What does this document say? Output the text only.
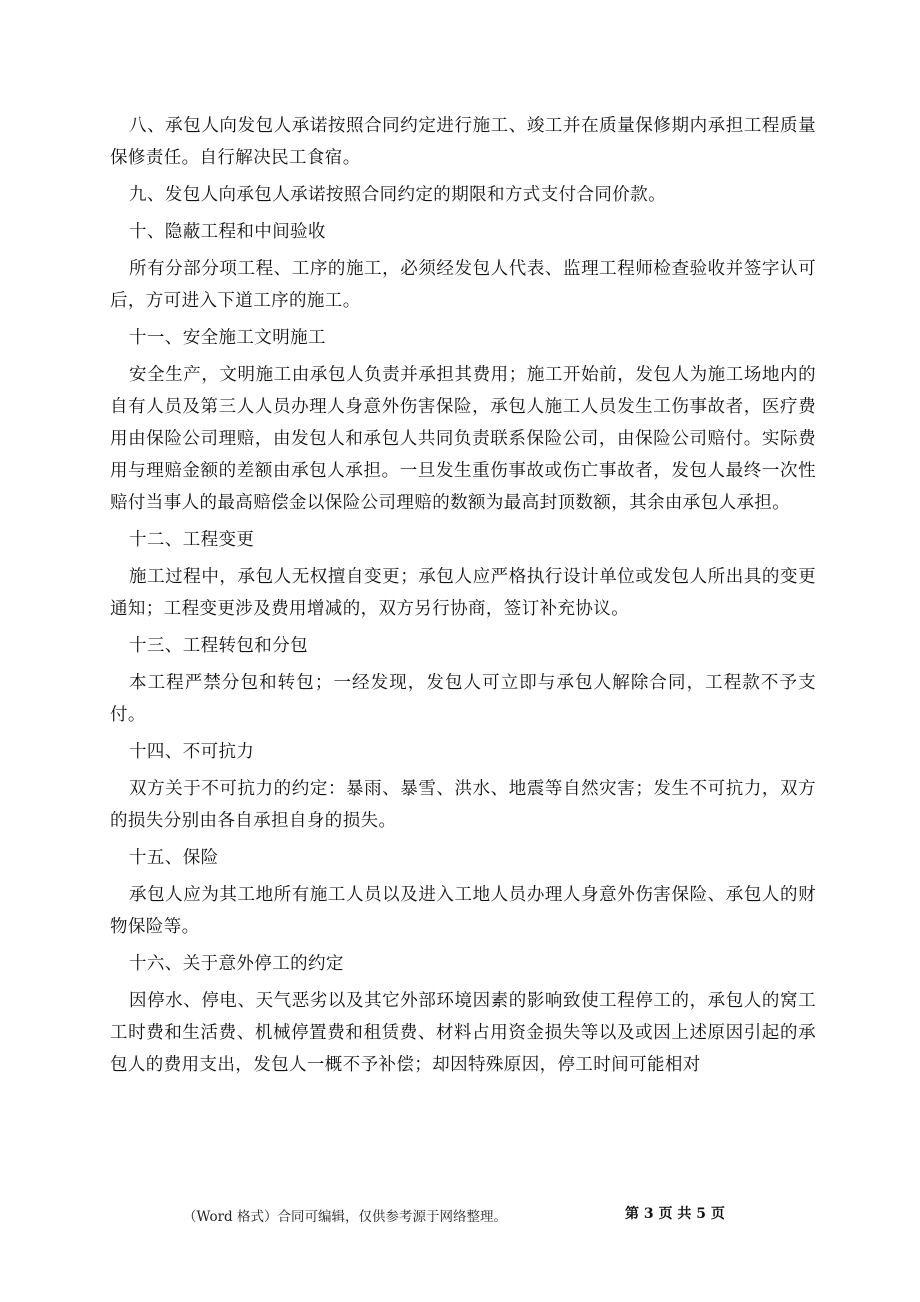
八、承包人向发包人承诺按照合同约定进行施工、竣工并在质量保修期内承担工程质量保修责任。自行解决民工食宿。

九、发包人向承包人承诺按照合同约定的期限和方式支付合同价款。

十、隐蔽工程和中间验收

所有分部分项工程、工序的施工，必须经发包人代表、监理工程师检查验收并签字认可后，方可进入下道工序的施工。

十一、安全施工文明施工

安全生产，文明施工由承包人负责并承担其费用；施工开始前，发包人为施工场地内的自有人员及第三人人员办理人身意外伤害保险，承包人施工人员发生工伤事故者，医疗费用由保险公司理赔，由发包人和承包人共同负责联系保险公司，由保险公司赔付。实际费用与理赔金额的差额由承包人承担。一旦发生重伤事故或伤亡事故者，发包人最终一次性赔付当事人的最高赔偿金以保险公司理赔的数额为最高封顶数额，其余由承包人承担。

十二、工程变更

施工过程中，承包人无权擅自变更；承包人应严格执行设计单位或发包人所出具的变更通知；工程变更涉及费用增减的，双方另行协商，签订补充协议。

十三、工程转包和分包

本工程严禁分包和转包；一经发现，发包人可立即与承包人解除合同，工程款不予支付。

十四、不可抗力

双方关于不可抗力的约定：暴雨、暴雪、洪水、地震等自然灾害；发生不可抗力，双方的损失分别由各自承担自身的损失。

十五、保险

承包人应为其工地所有施工人员以及进入工地人员办理人身意外伤害保险、承包人的财物保险等。

十六、关于意外停工的约定

因停水、停电、天气恶劣以及其它外部环境因素的影响致使工程停工的，承包人的窝工工时费和生活费、机械停置费和租赁费、材料占用资金损失等以及或因上述原因引起的承包人的费用支出，发包人一概不予补偿；却因特殊原因，停工时间可能相对

（Word 格式）合同可编辑，仅供参考源于网络整理。	第 3 页 共 5 页
